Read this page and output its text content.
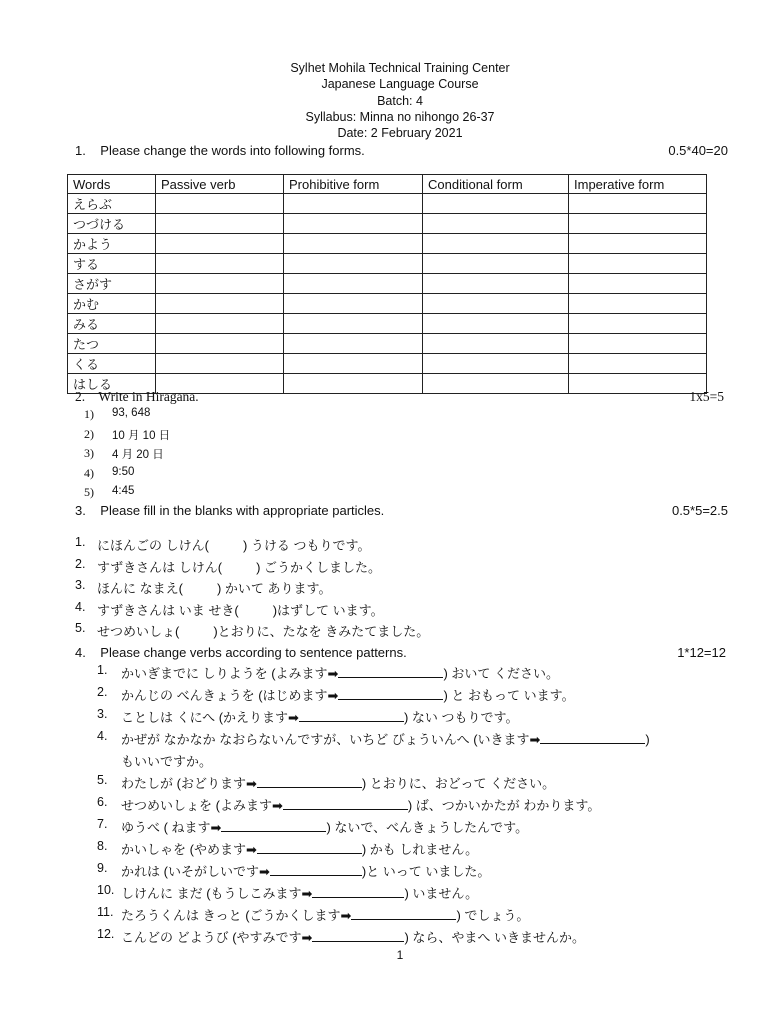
Sylhet Mohila Technical Training Center
Japanese Language Course
Batch: 4
Syllabus: Minna no nihongo 26-37
Date: 2 February 2021
1. Please change the words into following forms.	0.5*40=20
Words	Passive verb	Prohibitive form	Conditional form	Imperative form
えらぶ				
つづける				
かよう				
する				
さがす				
かむ				
みる				
たつ				
くる				
はしる				
2. Write in Hiragana.	1x5=5
1)	93, 648
2)	10 月 10 日
3)	4 月 20 日
4)	9:50
5)	4:45
3. Please fill in the blanks with appropriate particles.	0.5*5=2.5
1. にほんごの しけん(	) うける つもりです。
2. すずきさんは しけん(	) ごうかくしました。
3. ほんに なまえ(	) かいて あります。
4. すずきさんは いま せき(	)はずして います。
5. せつめいしょ(	)とおりに、たなを きみたてました。
4. Please change verbs according to sentence patterns.	1*12=12
1.	かいぎまでに しりようを (よみます➡	) おいて ください。
2.	かんじの べんきょうを (はじめます➡	) と おもって います。
3.	ことしは くにへ (かえります➡	) ない つもりです。
4.	かぜが なかなか なおらないんですが、いちど びょういんへ (いきます➡	)
もいいですか。
5.	わたしが (おどります➡	) とおりに、おどって ください。
6.	せつめいしょを (よみます➡	) ば、つかいかたが わかります。
7.	ゆうべ ( ねます➡	) ないで、べんきょうしたんです。
8.	かいしゃを (やめます➡	) かも しれません。
9.	かれは (いそがしいです➡	)と いって いました。
10. しけんに まだ (もうしこみます➡	) いません。
11. たろうくんは きっと (ごうかくします➡	) でしょう。
12. こんどの どようび (やすみです➡	) なら、やまへ いきませんか。
1
